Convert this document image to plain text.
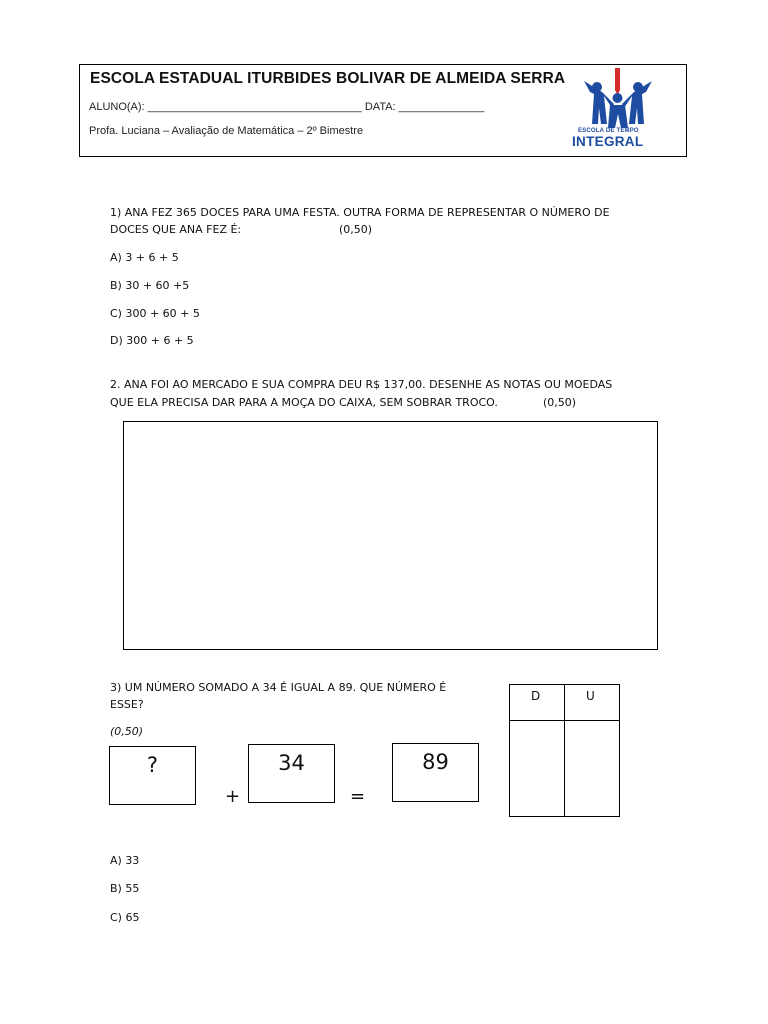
ESCOLA ESTADUAL ITURBIDES BOLIVAR DE ALMEIDA SERRA
ALUNO(A): ___________________________________ DATA: ______________
Profa. Luciana – Avaliação de Matemática – 2º Bimestre	ESCOLA DE TEMPO
INTEGRAL
1) ANA FEZ 365 DOCES PARA UMA FESTA. OUTRA FORMA DE REPRESENTAR O NÚMERO DE
DOCES QUE ANA FEZ É:	(0,50)
A) 3 + 6 + 5
B) 30 + 60 +5
C) 300 + 60 + 5
D) 300 + 6 + 5
2. ANA FOI AO MERCADO E SUA COMPRA DEU R$ 137,00. DESENHE AS NOTAS OU MOEDAS
QUE ELA PRECISA DAR PARA A MOÇA DO CAIXA, SEM SOBRAR TROCO.	(0,50)
3) UM NÚMERO SOMADO A 34 É IGUAL A 89. QUE NÚMERO É
ESSE?
(0,50)
?
+
34
=
89
D	U
A) 33
B) 55
C) 65
